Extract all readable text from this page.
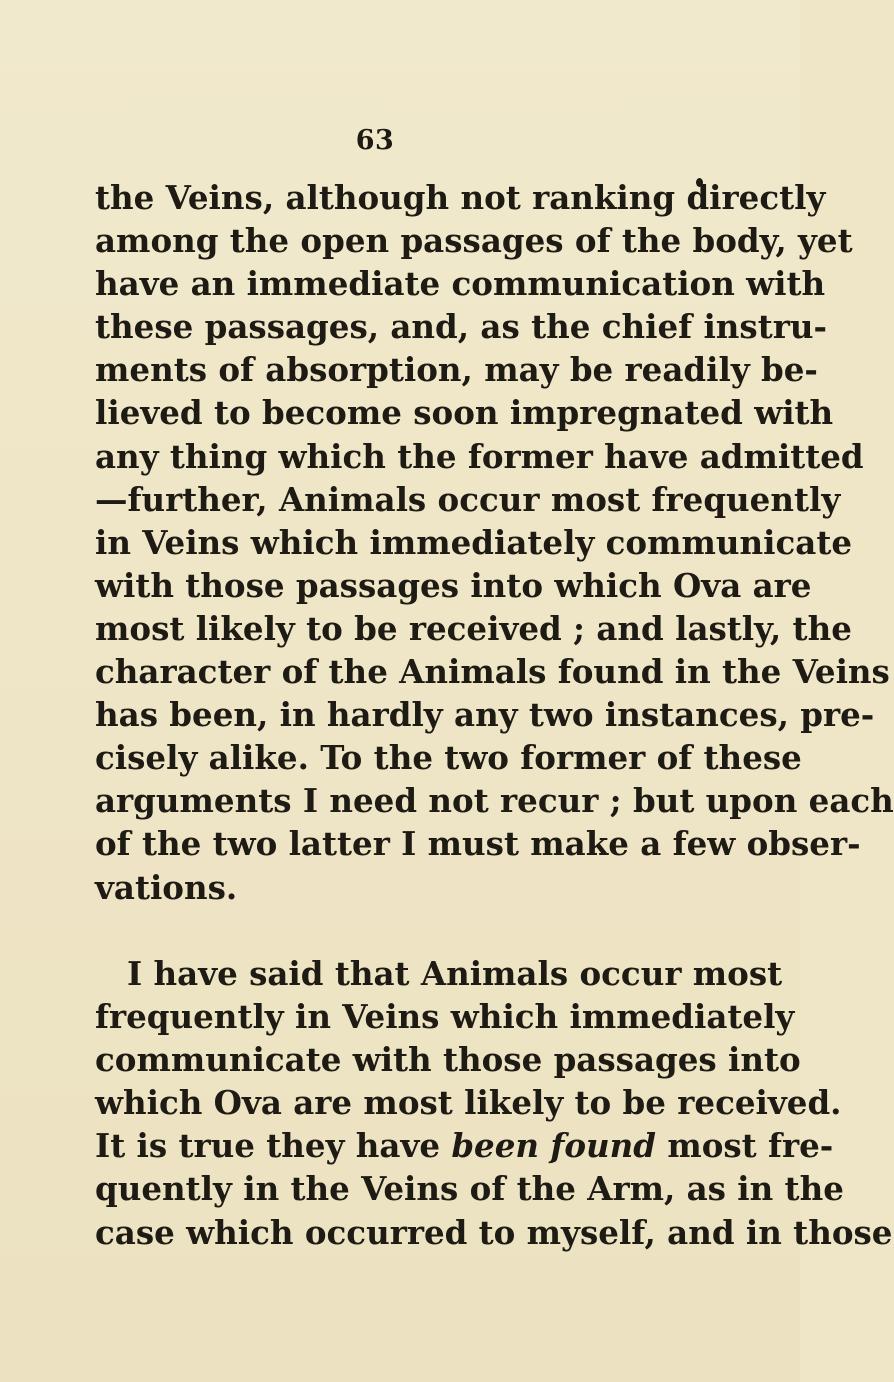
63
the Veins, although not ranking directly
among the open passages of the body, yet
have an immediate communication with
these passages, and, as the chief instru-
ments of absorption, may be readily be-
lieved to become soon impregnated with
any thing which the former have admitted
—further, Animals occur most frequently
in Veins which immediately communicate
with those passages into which Ova are
most likely to be received ; and lastly, the
character of the Animals found in the Veins
has been, in hardly any two instances, pre-
cisely alike. To the two former of these
arguments I need not recur ; but upon each
of the two latter I must make a few obser-
vations.
I have said that Animals occur most
frequently in Veins which immediately
communicate with those passages into
which Ova are most likely to be received.
It is true they have been found most fre-
quently in the Veins of the Arm, as in the
case which occurred to myself, and in those
